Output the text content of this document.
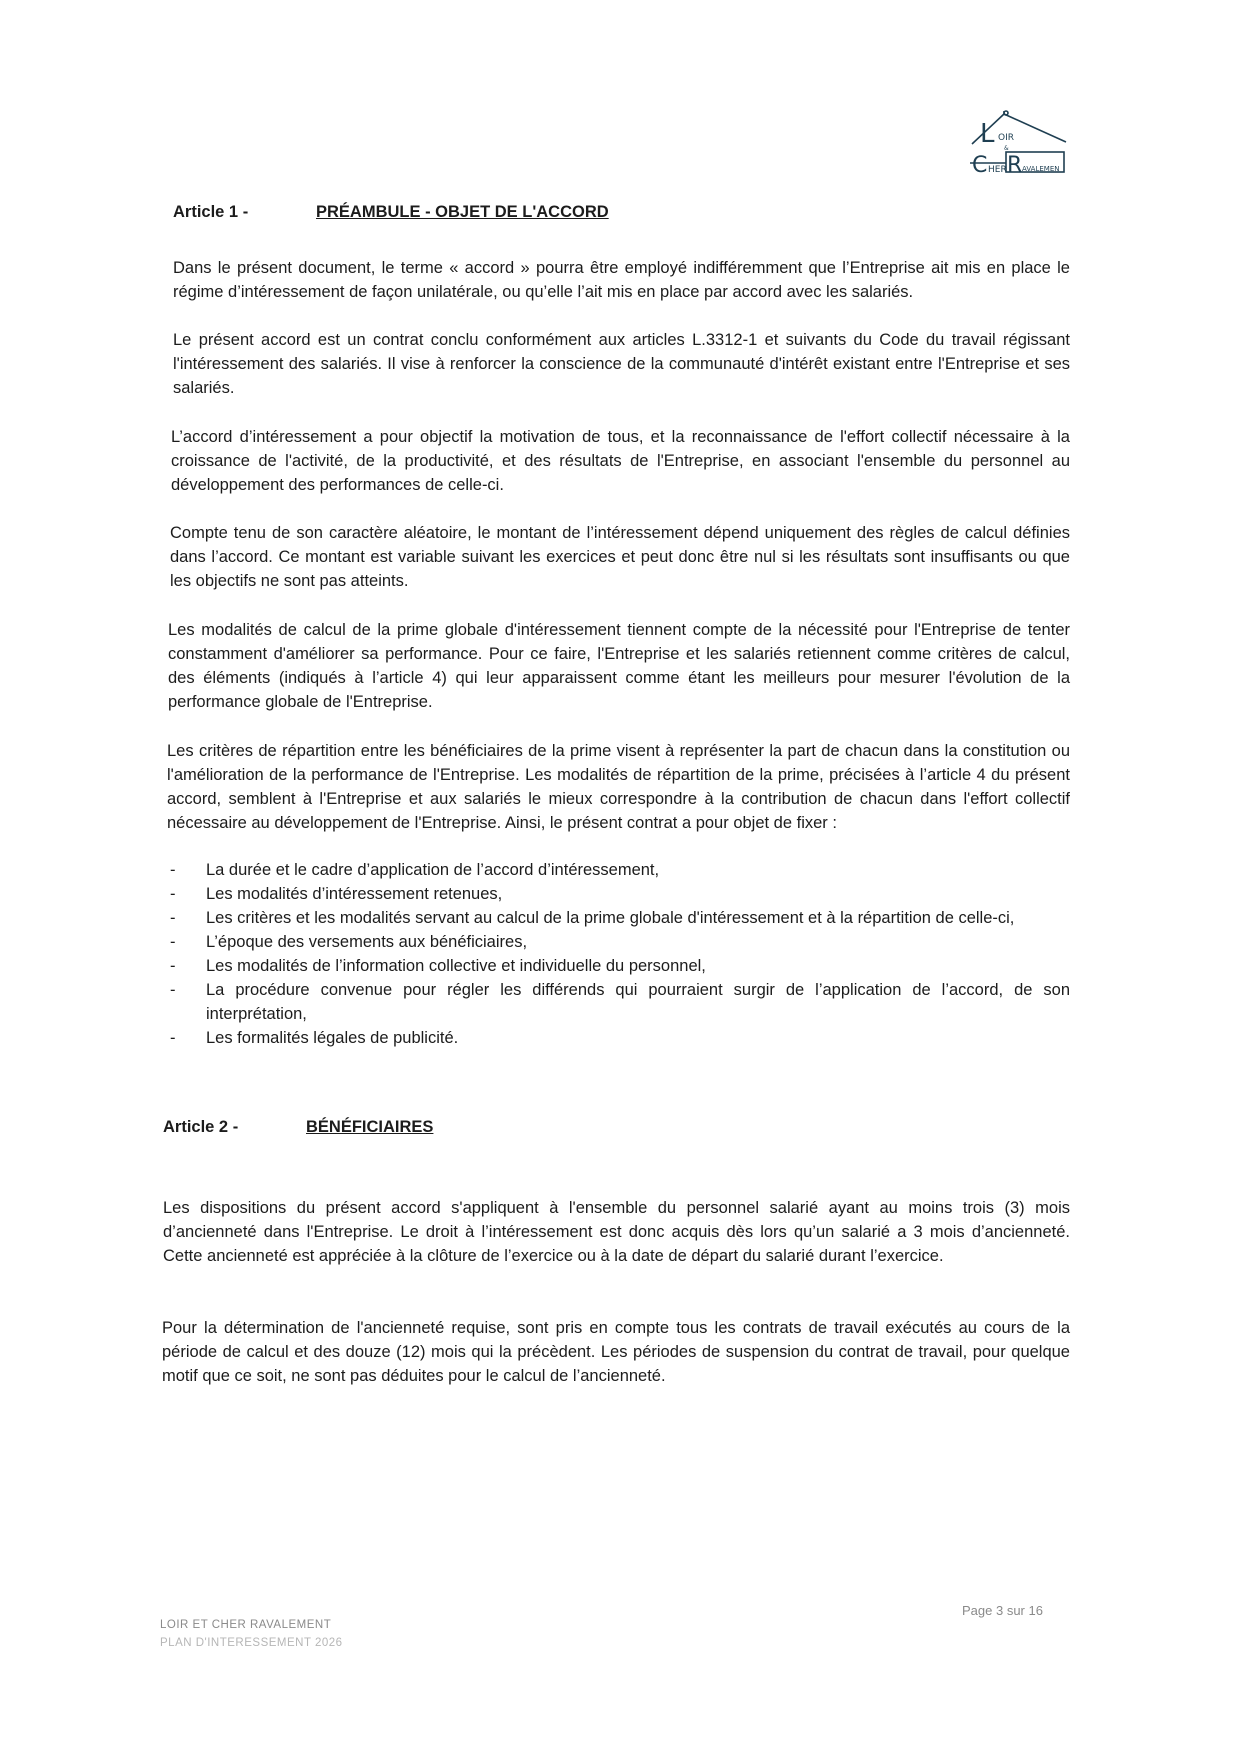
L OIR
&
C HER R AVALEMEN
Article 1 -	PRÉAMBULE - OBJET DE L'ACCORD

Dans le présent document, le terme « accord » pourra être employé indifféremment que l’Entreprise ait mis en place le régime d’intéressement de façon unilatérale, ou qu’elle l’ait mis en place par accord avec les salariés.

Le présent accord est un contrat conclu conformément aux articles L.3312-1 et suivants du Code du travail régissant l'intéressement des salariés. Il vise à renforcer la conscience de la communauté d'intérêt existant entre l'Entreprise et ses salariés.

L’accord d’intéressement a pour objectif la motivation de tous, et la reconnaissance de l'effort collectif nécessaire à la croissance de l'activité, de la productivité, et des résultats de l'Entreprise, en associant l'ensemble du personnel au développement des performances de celle-ci.

Compte tenu de son caractère aléatoire, le montant de l’intéressement dépend uniquement des règles de calcul définies dans l’accord. Ce montant est variable suivant les exercices et peut donc être nul si les résultats sont insuffisants ou que les objectifs ne sont pas atteints.

Les modalités de calcul de la prime globale d'intéressement tiennent compte de la nécessité pour l'Entreprise de tenter constamment d'améliorer sa performance. Pour ce faire, l'Entreprise et les salariés retiennent comme critères de calcul, des éléments (indiqués à l’article 4) qui leur apparaissent comme étant les meilleurs pour mesurer l'évolution de la performance globale de l'Entreprise.

Les critères de répartition entre les bénéficiaires de la prime visent à représenter la part de chacun dans la constitution ou l'amélioration de la performance de l'Entreprise. Les modalités de répartition de la prime, précisées à l’article 4 du présent accord, semblent à l'Entreprise et aux salariés le mieux correspondre à la contribution de chacun dans l'effort collectif nécessaire au développement de l'Entreprise. Ainsi, le présent contrat a pour objet de fixer :

- La durée et le cadre d’application de l’accord d’intéressement,
- Les modalités d’intéressement retenues,
- Les critères et les modalités servant au calcul de la prime globale d'intéressement et à la répartition de celle-ci,
- L’époque des versements aux bénéficiaires,
- Les modalités de l’information collective et individuelle du personnel,
- La procédure convenue pour régler les différends qui pourraient surgir de l’application de l’accord, de son interprétation,
- Les formalités légales de publicité.
Article 2 -	BÉNÉFICIAIRES

Les dispositions du présent accord s'appliquent à l'ensemble du personnel salarié ayant au moins trois (3) mois d’ancienneté dans l'Entreprise. Le droit à l’intéressement est donc acquis dès lors qu’un salarié a 3 mois d’ancienneté. Cette ancienneté est appréciée à la clôture de l’exercice ou à la date de départ du salarié durant l’exercice.

Pour la détermination de l'ancienneté requise, sont pris en compte tous les contrats de travail exécutés au cours de la période de calcul et des douze (12) mois qui la précèdent. Les périodes de suspension du contrat de travail, pour quelque motif que ce soit, ne sont pas déduites pour le calcul de l’ancienneté.

LOIR ET CHER RAVALEMENT
PLAN D'INTERESSEMENT 2026
Page 3 sur 16
